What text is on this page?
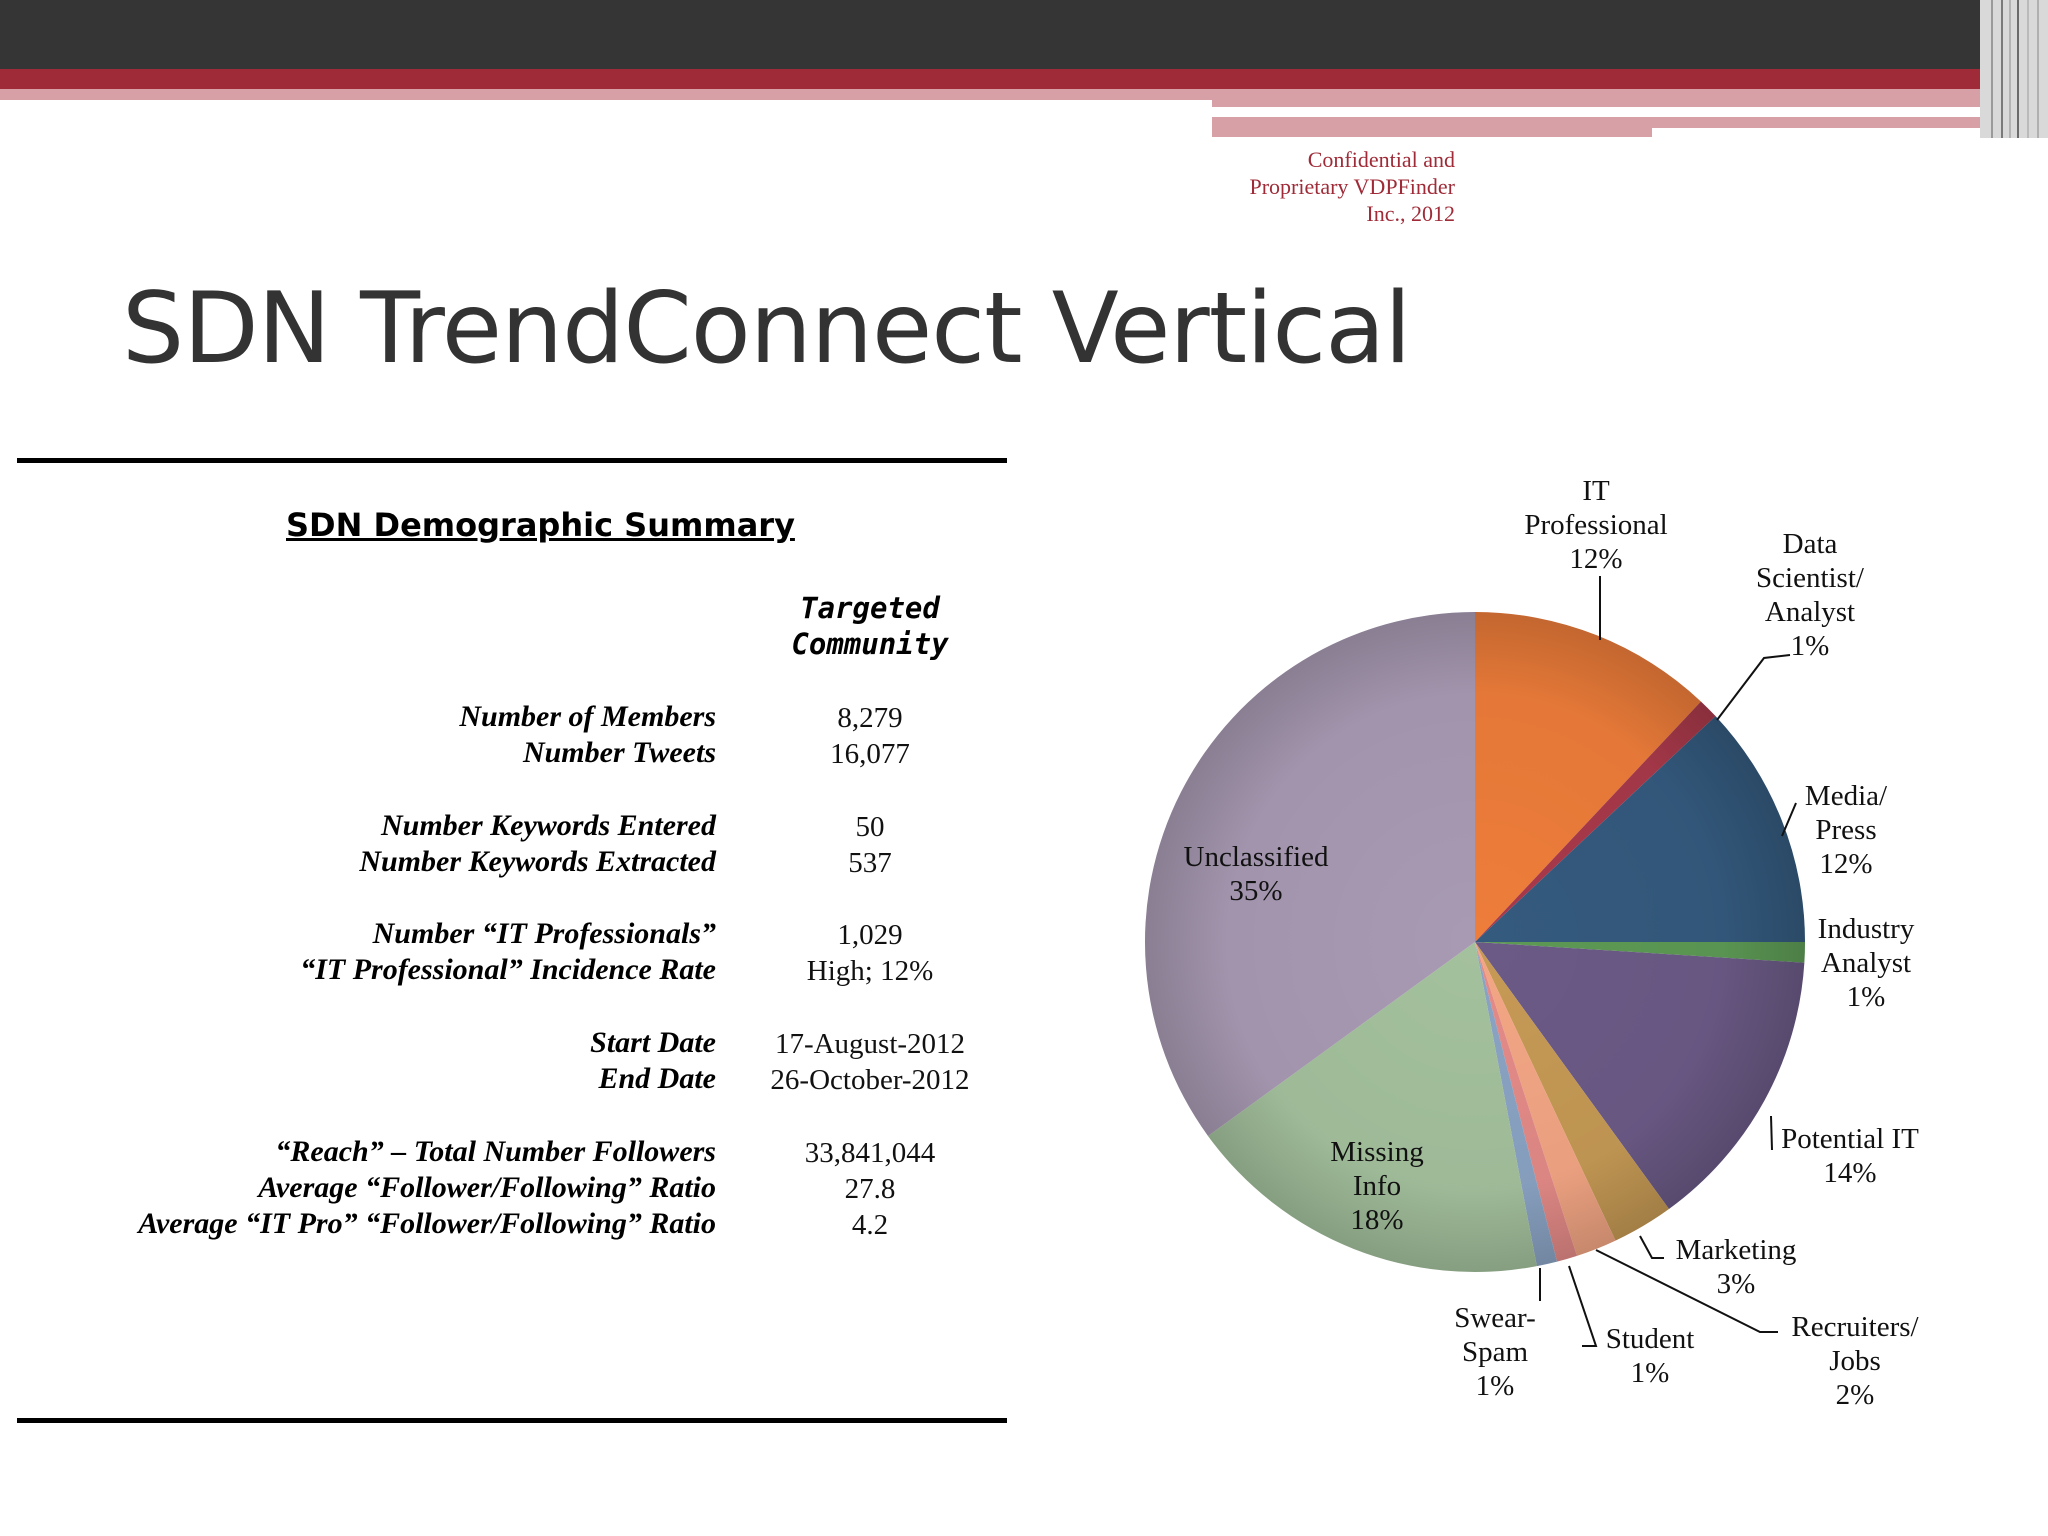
Confidential and
Proprietary VDPFinder
Inc., 2012
SDN TrendConnect Vertical
SDN Demographic Summary
Targeted
Community
Number of Members	8,279
Number Tweets	16,077
Number Keywords Entered	50
Number Keywords Extracted	537
Number “IT Professionals”	1,029
“IT Professional” Incidence Rate	High; 12%
Start Date	17-August-2012
End Date	26-October-2012
“Reach” – Total Number Followers	33,841,044
Average “Follower/Following” Ratio	27.8
Average “IT Pro” “Follower/Following” Ratio	4.2
IT Professional 12%	Data Scientist/ Analyst 1%
Media/ Press 12%
Industry Analyst 1%
Potential IT 14%
Marketing 3%
Recruiters/ Jobs 2%
Student 1%
Swear-Spam 1%
Missing Info 18%
Unclassified 35%
